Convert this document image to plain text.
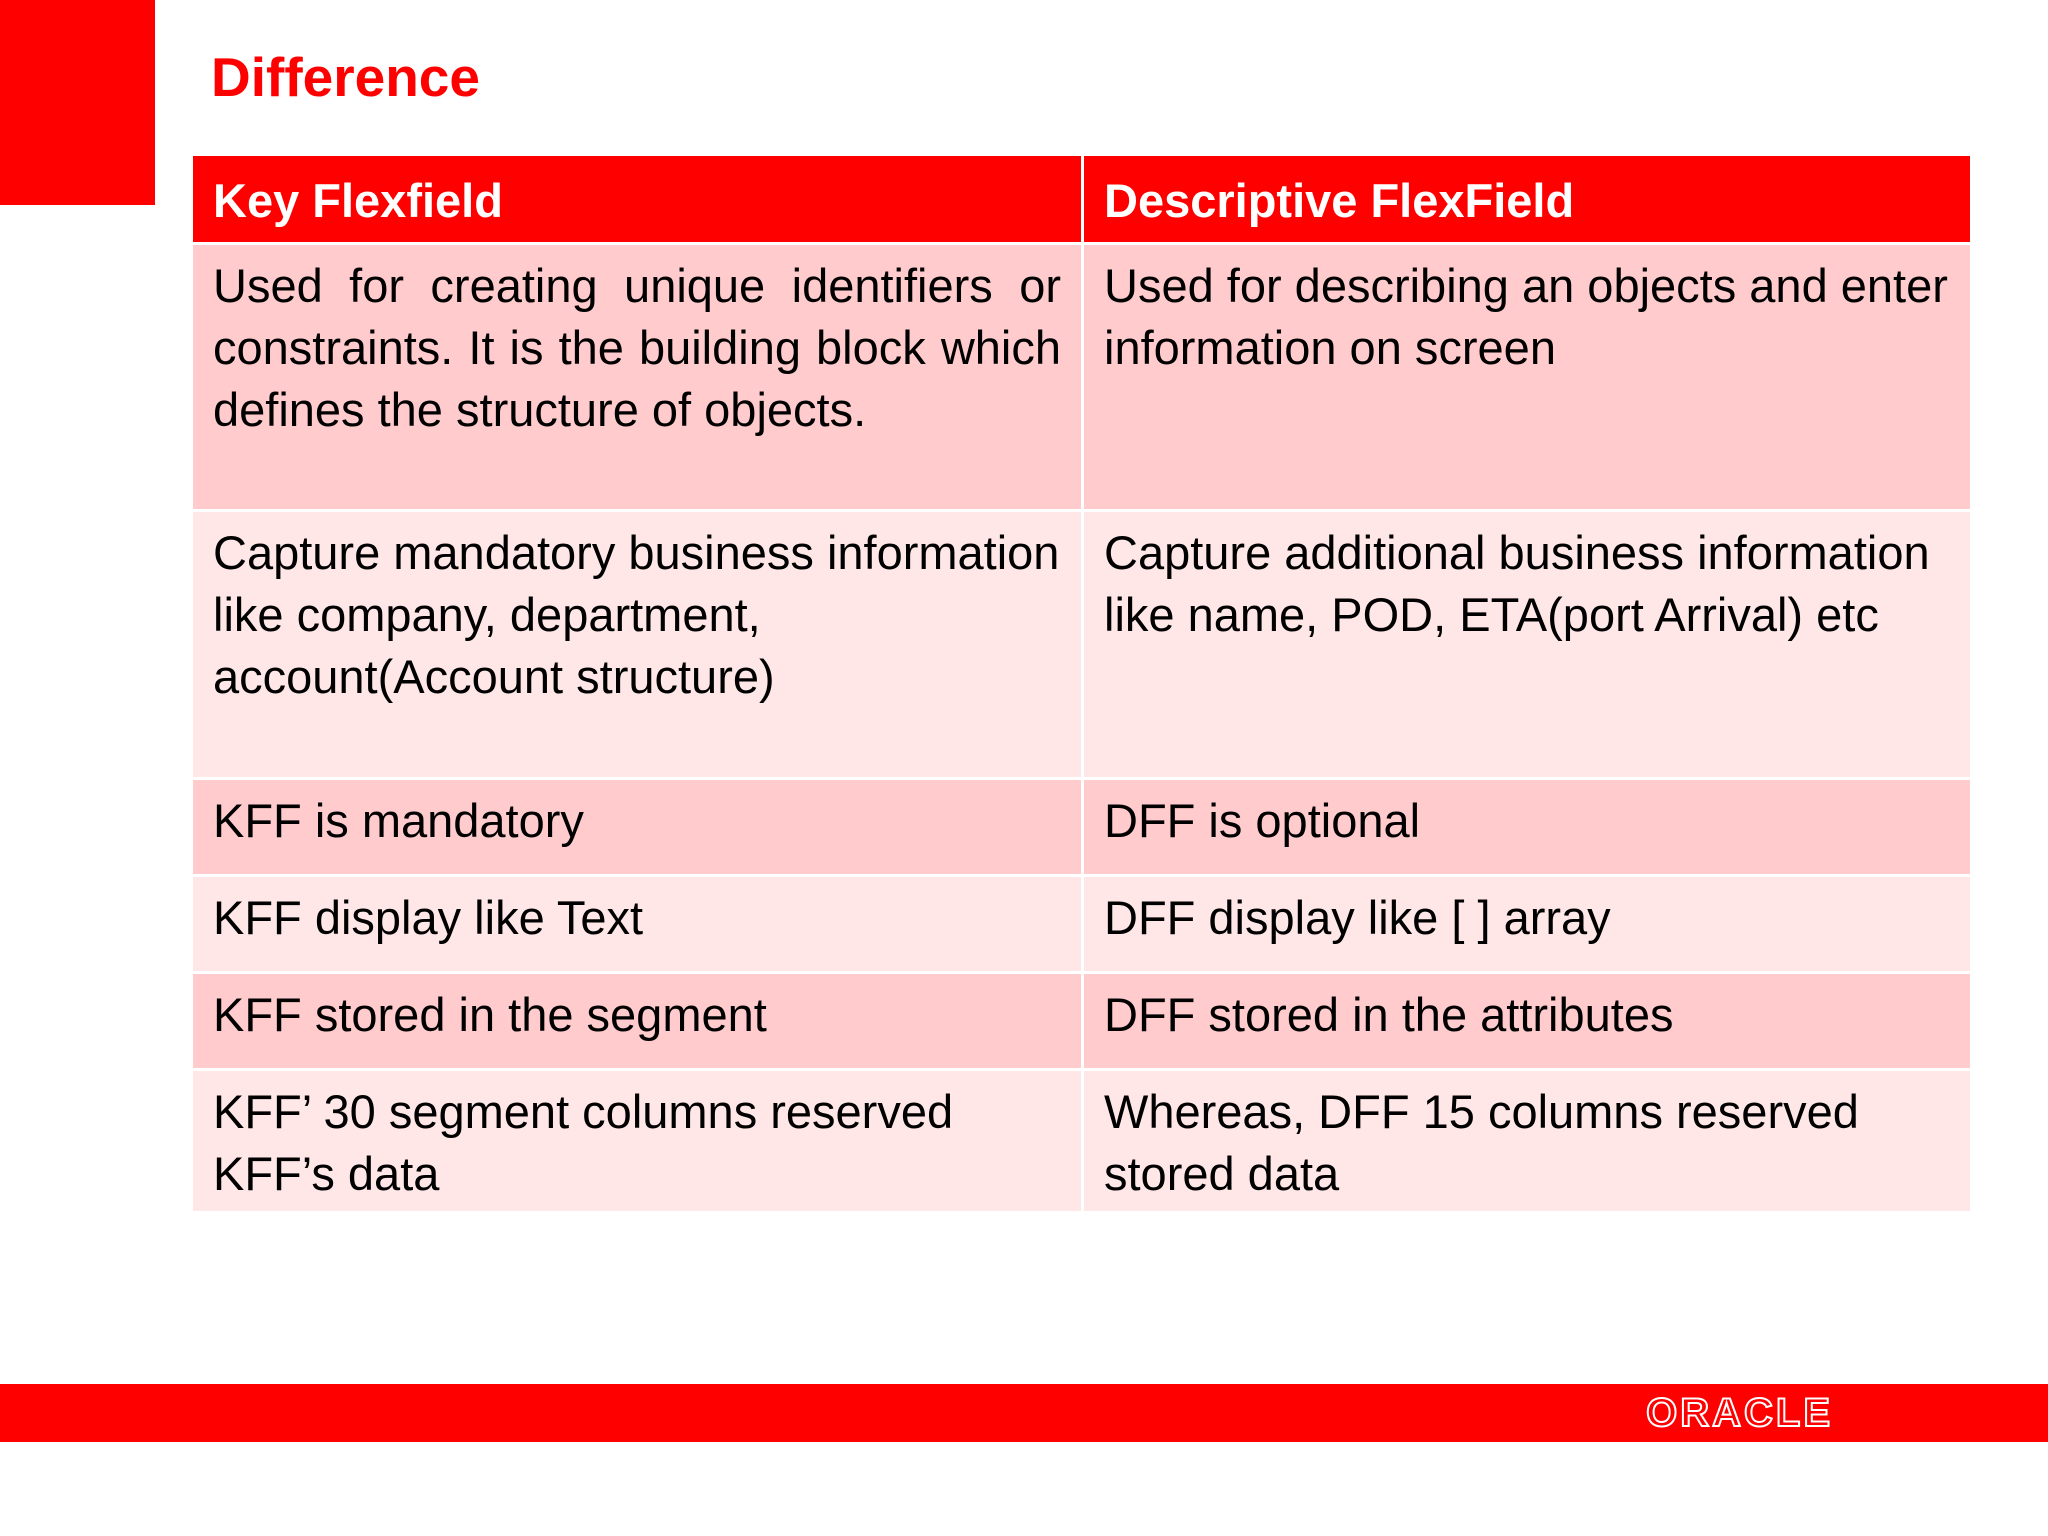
Difference
Key Flexfield	Descriptive FlexField
Used for creating unique identifiers or constraints. It is the building block which defines the structure of objects.	Used for describing an objects and enter information on screen
Capture mandatory business information like company, department, account(Account structure)	Capture additional business information like name, POD, ETA(port Arrival) etc
KFF is mandatory	DFF is optional
KFF display like Text	DFF display like [ ] array
KFF stored in the segment	DFF stored in the attributes
KFF’ 30 segment columns reserved KFF’s data	Whereas, DFF 15 columns reserved stored data

ORACLE
